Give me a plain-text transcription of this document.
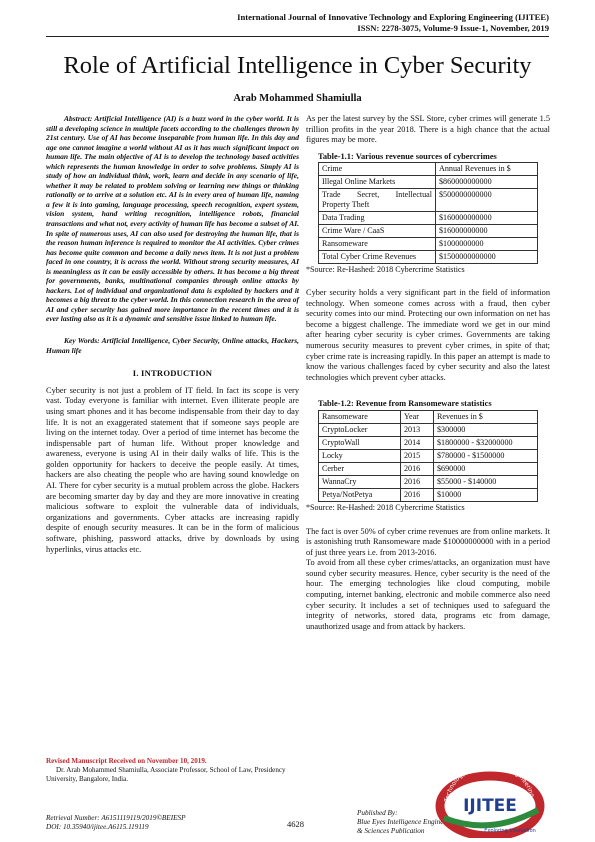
International Journal of Innovative Technology and Exploring Engineering (IJITEE)
ISSN: 2278-3075, Volume-9 Issue-1, November, 2019
Role of Artificial Intelligence in Cyber Security
Arab Mohammed Shamiulla

Abstract: Artificial Intelligence (AI) is a buzz word in the cyber world. It is still a developing science in multiple facets according to the challenges thrown by 21st century. Use of AI has become inseparable from human life. In this day and age one cannot imagine a world without AI as it has much significant impact on human life. The main objective of AI is to develop the technology based activities which represents the human knowledge in order to solve problems. Simply AI is study of how an individual think, work, learn and decide in any scenario of life, whether it may be related to problem solving or learning new things or thinking rationally or to arrive at a solution etc. AI is in every area of human life, naming a few it is into gaming, language processing, speech recognition, expert system, vision system, hand writing recognition, intelligence robots, financial transactions and what not, every activity of human life has become a subset of AI. In spite of numerous uses, AI can also used for destroying the human life, that is the reason human inference is required to monitor the AI activities. Cyber crimes has become quite common and become a daily news item. It is not just a problem faced in one country, it is across the world. Without strong security measures, AI is meaningless as it can be easily accessible by others. It has become a big threat for governments, banks, multinational companies through online attacks by hackers. Lot of individual and organizational data is exploited by hackers and it becomes a big threat to the cyber world. In this connection research in the area of AI and cyber security has gained more importance in the recent times and it is ever lasting also as it is a dynamic and sensitive issue linked to human life.

Key Words: Artificial Intelligence, Cyber Security, Online attacks, Hackers, Human life

I. INTRODUCTION

Cyber security is not just a problem of IT field. In fact its scope is very vast. Today everyone is familiar with internet. Even illiterate people are using smart phones and it has become indispensable from their day to day life. It is not an exaggerated statement that if someone says people are living on the internet today. Over a period of time internet has become the indispensable part of human life. Without proper knowledge and awareness, everyone is using AI in their daily walks of life. This is the golden opportunity for hackers to deceive the people easily. At times, hackers are also cheating the people who are having sound knowledge on AI. There for cyber security is a mutual problem across the globe. Hackers are becoming smarter day by day and they are more innovative in creating malicious software to exploit the vulnerable data of individuals, organizations and governments. Cyber attacks are increasing rapidly despite of enough security measures. It can be in the form of malicious software, phishing, password attacks, drive by downloads by using hyperlinks, virus attacks etc.

Revised Manuscript Received on November 10, 2019.
Dr. Arab Mohammed Shamiulla, Associate Professor, School of Law, Presidency University, Bangalore, India.

As per the latest survey by the SSL Store, cyber crimes will generate 1.5 trillion profits in the year 2018. There is a high chance that the actual figures may be more.

Table-1.1: Various revenue sources of cybercrimes
Crime	Annual Revenues in $
Illegal Online Markets	$860000000000
Trade Secret, Intellectual Property Theft	$500000000000
Data Trading	$160000000000
Crime Ware / CaaS	$16000000000
Ransomeware	$1000000000
Total Cyber Crime Revenues	$1500000000000
*Source: Re-Hashed: 2018 Cybercrime Statistics

Cyber security holds a very significant part in the field of information technology. When someone comes across with a fraud, then cyber security comes into our mind. Protecting our own information on net has become a biggest challenge. The immediate word we get in our mind after hearing cyber security is cyber crimes. Governments are taking numerous security measures to prevent cyber crimes, in spite of that; cyber crime rate is increasing rapidly. In this paper an attempt is made to know the various challenges faced by cyber security and also the latest technologies which prevent cyber attacks.

Table-1.2: Revenue from Ransomeware statistics
Ransomeware	Year	Revenues in $
CryptoLocker	2013	$300000
CryptoWall	2014	$1800000 - $32000000
Locky	2015	$780000 - $1500000
Cerber	2016	$690000
WannaCry	2016	$55000 - $140000
Petya/NotPetya	2016	$10000
*Source: Re-Hashed: 2018 Cybercrime Statistics

The fact is over 50% of cyber crime revenues are from online markets. It is astonishing truth Ransomeware made $10000000000 with in a period of just three years i.e. from 2013-2016.

To avoid from all these cyber crimes/attacks, an organization must have sound cyber security measures. Hence, cyber security is the need of the hour. The emerging technologies like cloud computing, mobile computing, internet banking, electronic and mobile commerce also need cyber security. It includes a set of techniques used to safeguard the integrity of networks, stored data, programs etc from damage, unauthorized usage and from attack by hackers.

Retrieval Number: A6151119119/2019©BEIESP
DOI: 10.35940/ijitee.A6115.119119	4628
Published By:
Blue Eyes Intelligence Engineering
& Sciences Publication
Technology and Exploring Engineering
IJITEE
Exploring Innovation
